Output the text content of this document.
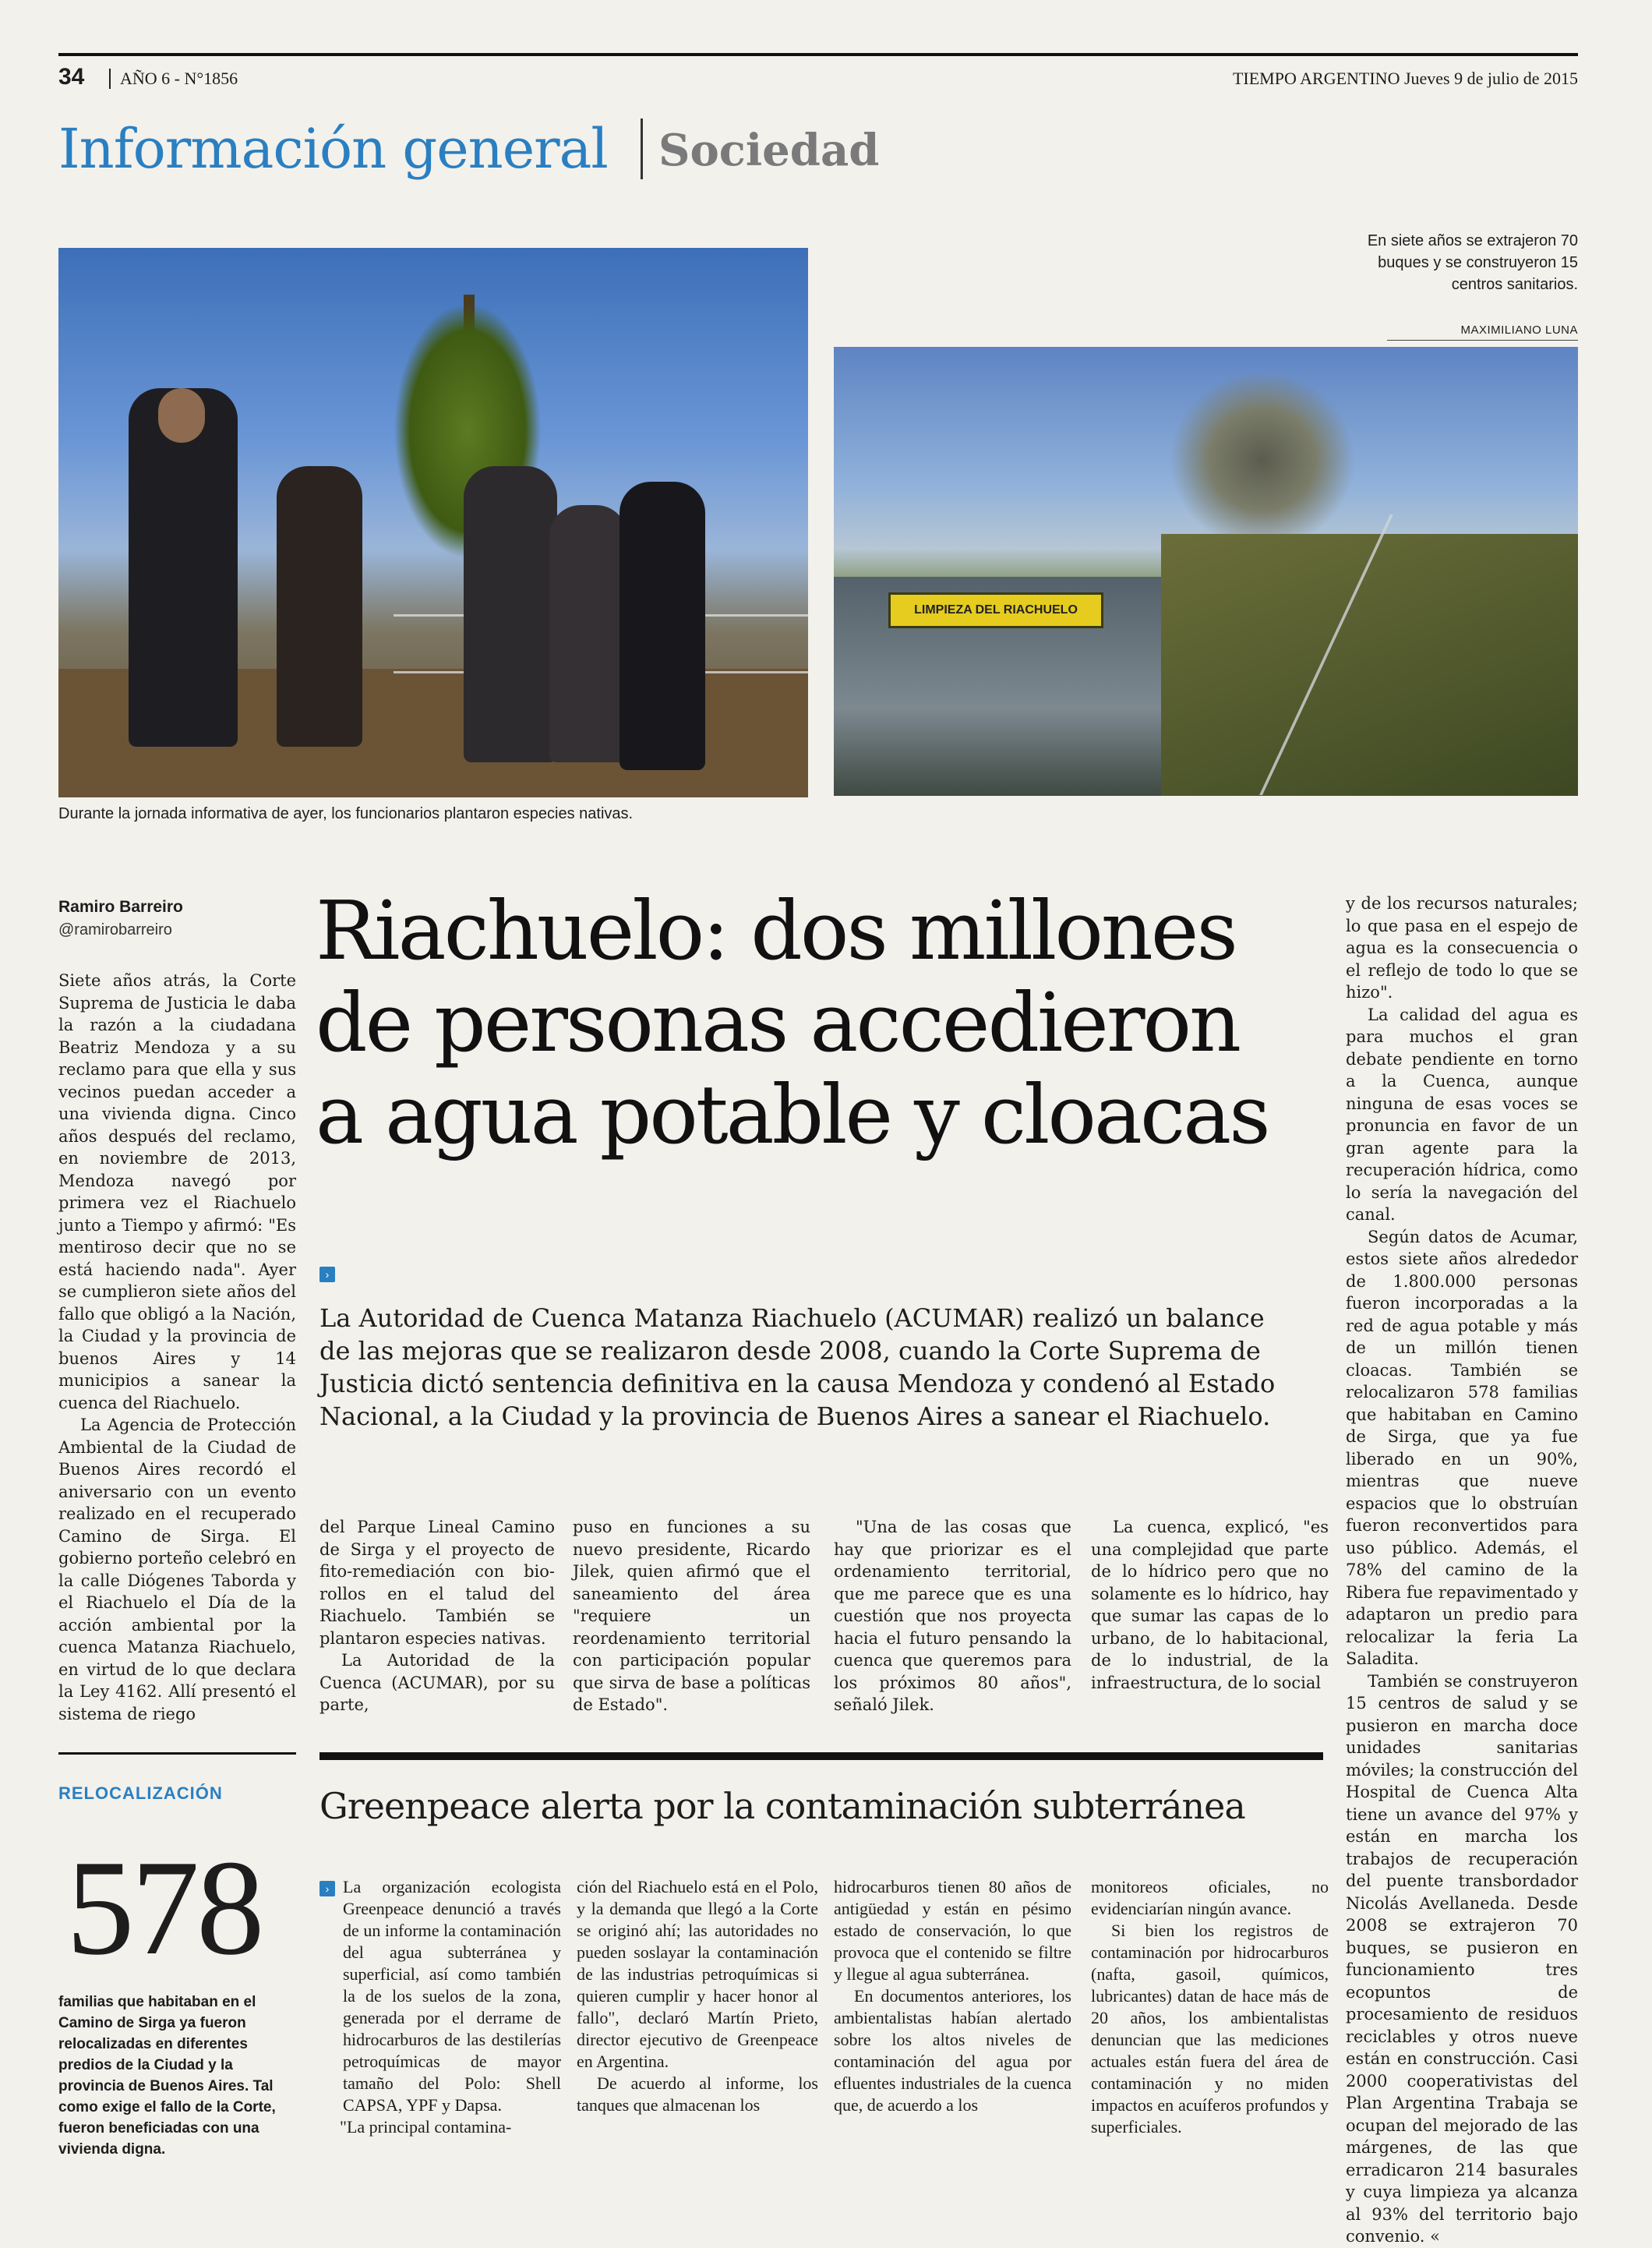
34	AÑO 6 - N°1856	TIEMPO ARGENTINO Jueves 9 de julio de 2015
Información general Sociedad
LIMPIEZA DEL RIACHUELO
En siete años se extrajeron 70 buques y se construyeron 15 centros sanitarios.
MAXIMILIANO LUNA
Durante la jornada informativa de ayer, los funcionarios plantaron especies nativas.
Ramiro Barreiro
@ramirobarreiro Riachuelo: dos millones
de personas accedieron
a agua potable y cloacas
›
La Autoridad de Cuenca Matanza Riachuelo (ACUMAR) realizó un balance de las mejoras que se realizaron desde 2008, cuando la Corte Suprema de Justicia dictó sentencia definitiva en la causa Mendoza y condenó al Estado Nacional, a la Ciudad y la provincia de Buenos Aires a sanear el Riachuelo.

Siete años atrás, la Corte Suprema de Justicia le daba la razón a la ciudadana Beatriz Mendoza y a su reclamo para que ella y sus vecinos puedan acceder a una vivienda digna. Cinco años después del reclamo, en noviembre de 2013, Mendoza navegó por primera vez el Riachuelo junto a Tiempo y afirmó: "Es mentiroso decir que no se está haciendo nada". Ayer se cumplieron siete años del fallo que obligó a la Nación, la Ciudad y la provincia de buenos Aires y 14 municipios a sanear la cuenca del Riachuelo.

La Agencia de Protección Ambiental de la Ciudad de Buenos Aires recordó el aniversario con un evento realizado en el recuperado Camino de Sirga. El gobierno porteño celebró en la calle Diógenes Taborda y el Riachuelo el Día de la acción ambiental por la cuenca Matanza Riachuelo, en virtud de lo que declara la Ley 4162. Allí presentó el sistema de riego

del Parque Lineal Camino de Sirga y el proyecto de fito-remediación con bio-rollos en el talud del Riachuelo. También se plantaron especies nativas.

La Autoridad de la Cuenca (ACUMAR), por su parte,

puso en funciones a su nuevo presidente, Ricardo Jilek, quien afirmó que el saneamiento del área "requiere un reordenamiento territorial con participación popular que sirva de base a políticas de Estado".

"Una de las cosas que hay que priorizar es el ordenamiento territorial, que me parece que es una cuestión que nos proyecta hacia el futuro pensando la cuenca que queremos para los próximos 80 años", señaló Jilek.

La cuenca, explicó, "es una complejidad que parte de lo hídrico pero que no solamente es lo hídrico, hay que sumar las capas de lo urbano, de lo habitacional, de lo industrial, de la infraestructura, de lo social

y de los recursos naturales; lo que pasa en el espejo de agua es la consecuencia o el reflejo de todo lo que se hizo".

La calidad del agua es para muchos el gran debate pendiente en torno a la Cuenca, aunque ninguna de esas voces se pronuncia en favor de un gran agente para la recuperación hídrica, como lo sería la navegación del canal.

Según datos de Acumar, estos siete años alrededor de 1.800.000 personas fueron incorporadas a la red de agua potable y más de un millón tienen cloacas. También se relocalizaron 578 familias que habitaban en Camino de Sirga, que ya fue liberado en un 90%, mientras que nueve espacios que lo obstruían fueron reconvertidos para uso público. Además, el 78% del camino de la Ribera fue repavimentado y adaptaron un predio para relocalizar la feria La Saladita.

También se construyeron 15 centros de salud y se pusieron en marcha doce unidades sanitarias móviles; la construcción del Hospital de Cuenca Alta tiene un avance del 97% y están en marcha los trabajos de recuperación del puente transbordador Nicolás Avellaneda. Desde 2008 se extrajeron 70 buques, se pusieron en funcionamiento tres ecopuntos de procesamiento de residuos reciclables y otros nueve están en construcción. Casi 2000 cooperativistas del Plan Argentina Trabaja se ocupan del mejorado de las márgenes, de las que erradicaron 214 basurales y cuya limpieza ya alcanza al 93% del territorio bajo convenio. «

Greenpeace alerta por la contaminación subterránea
› La organización ecologista Greenpeace denunció a través de un informe la contaminación del agua subterránea y superficial, así como también la de los suelos de la zona, generada por el derrame de hidrocarburos de las destilerías petroquímicas de mayor tamaño del Polo: Shell CAPSA, YPF y Dapsa.

"La principal contamina-

ción del Riachuelo está en el Polo, y la demanda que llegó a la Corte se originó ahí; las autoridades no pueden soslayar la contaminación de las industrias petroquímicas si quieren cumplir y hacer honor al fallo", declaró Martín Prieto, director ejecutivo de Greenpeace en Argentina.

De acuerdo al informe, los tanques que almacenan los

hidrocarburos tienen 80 años de antigüedad y están en pésimo estado de conservación, lo que provoca que el contenido se filtre y llegue al agua subterránea.

En documentos anteriores, los ambientalistas habían alertado sobre los altos niveles de contaminación del agua por efluentes industriales de la cuenca que, de acuerdo a los

monitoreos oficiales, no evidenciarían ningún avance.

Si bien los registros de contaminación por hidrocarburos (nafta, gasoil, químicos, lubricantes) datan de hace más de 20 años, los ambientalistas denuncian que las mediciones actuales están fuera del área de contaminación y no miden impactos en acuíferos profundos y superficiales.

RELOCALIZACIÓN
578
familias que habitaban en el Camino de Sirga ya fueron relocalizadas en diferentes predios de la Ciudad y la provincia de Buenos Aires. Tal como exige el fallo de la Corte, fueron beneficiadas con una vivienda digna.
